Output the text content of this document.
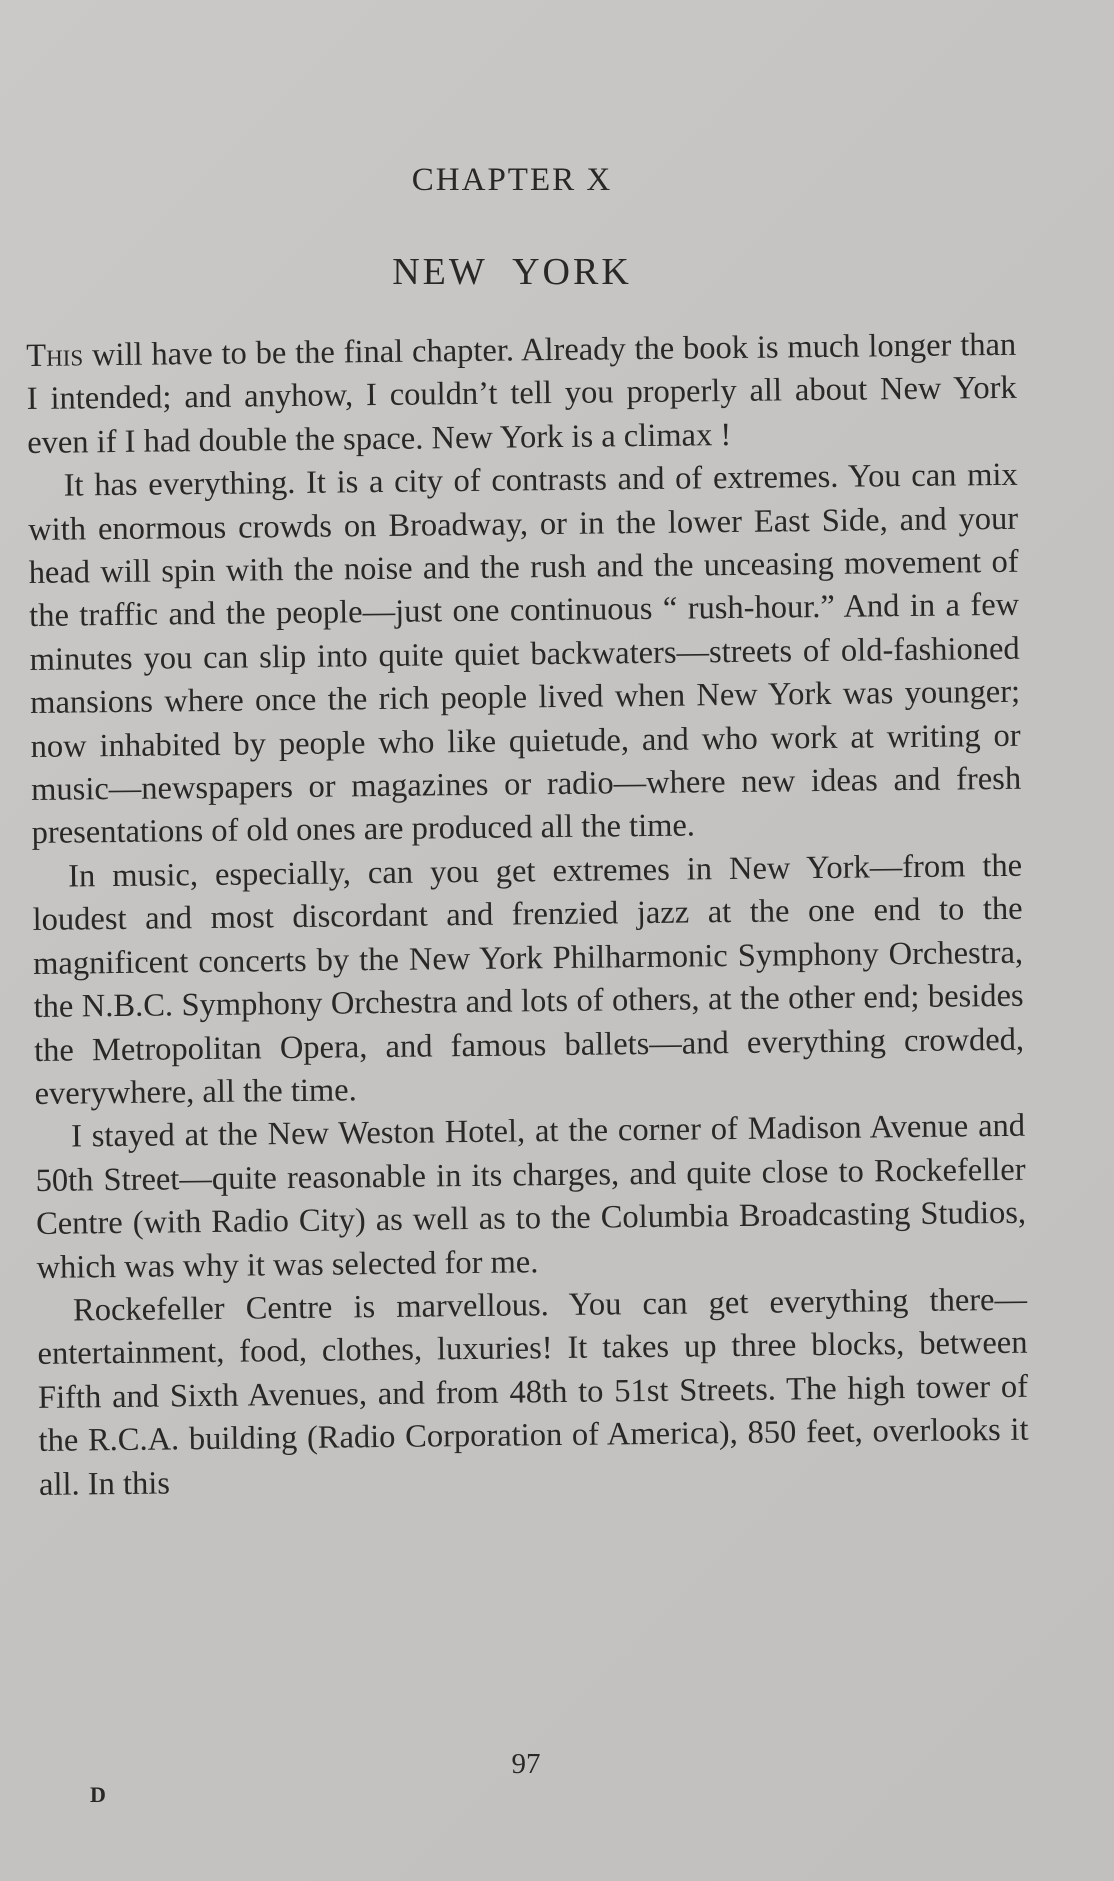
CHAPTER X
NEW YORK

This will have to be the final chapter. Already the book is much longer than I intended; and anyhow, I couldn’t tell you properly all about New York even if I had double the space. New York is a climax !

It has everything. It is a city of contrasts and of extremes. You can mix with enormous crowds on Broadway, or in the lower East Side, and your head will spin with the noise and the rush and the unceasing movement of the traffic and the people—just one continuous “ rush-hour.” And in a few minutes you can slip into quite quiet backwaters—streets of old-fashioned mansions where once the rich people lived when New York was younger; now inhabited by people who like quietude, and who work at writing or music—newspapers or magazines or radio—where new ideas and fresh presentations of old ones are produced all the time.

In music, especially, can you get extremes in New York—from the loudest and most discordant and frenzied jazz at the one end to the magnificent concerts by the New York Philharmonic Symphony Orchestra, the N.B.C. Symphony Orchestra and lots of others, at the other end; besides the Metropolitan Opera, and famous ballets—and everything crowded, everywhere, all the time.

I stayed at the New Weston Hotel, at the corner of Madison Avenue and 50th Street—quite reasonable in its charges, and quite close to Rockefeller Centre (with Radio City) as well as to the Columbia Broadcasting Studios, which was why it was selected for me.

Rockefeller Centre is marvellous. You can get everything there—entertainment, food, clothes, luxuries! It takes up three blocks, between Fifth and Sixth Avenues, and from 48th to 51st Streets. The high tower of the R.C.A. building (Radio Corporation of America), 850 feet, overlooks it all. In this

97

D
